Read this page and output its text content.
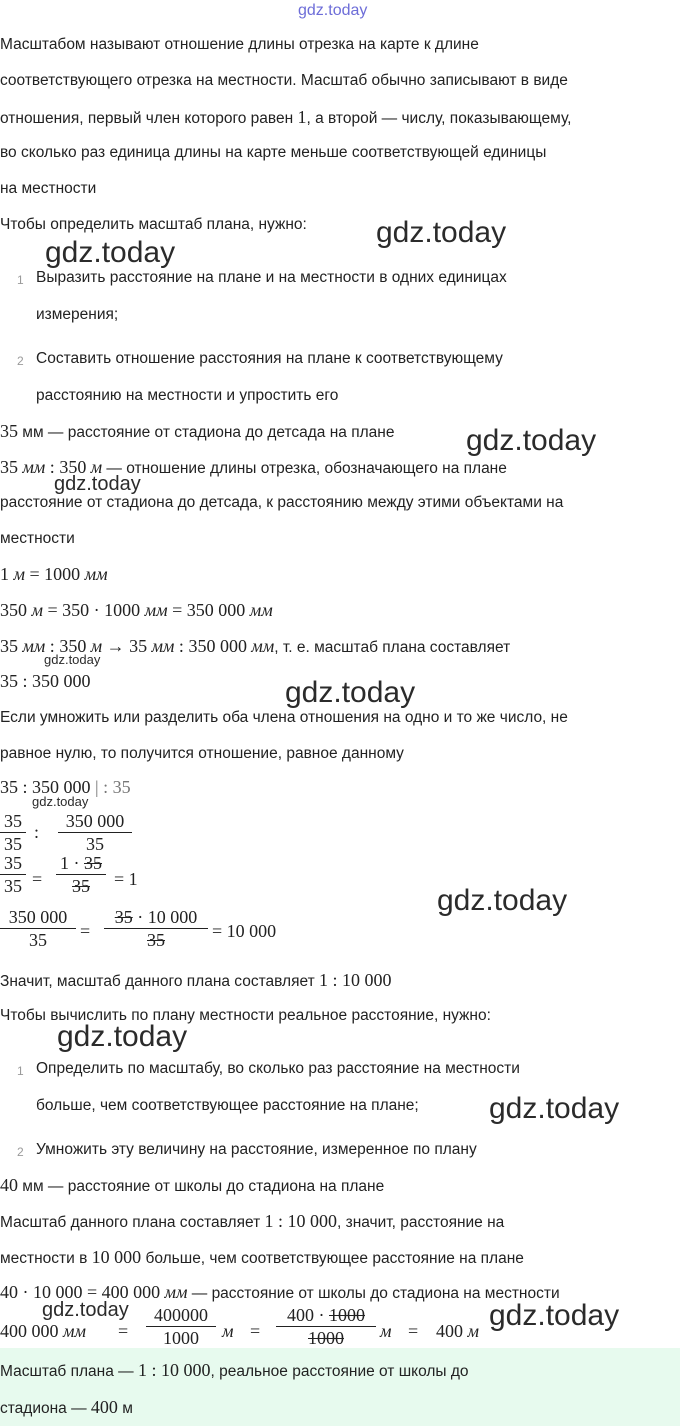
gdz.today
gdz.today
gdz.today
gdz.today
gdz.today
gdz.today
gdz.today
gdz.today
gdz.today
gdz.today
gdz.today
gdz.today	gdz.today
Масштабом называют отношение длины отрезка на карте к длине
соответствующего отрезка на местности. Масштаб обычно записывают в виде
отношения, первый член которого равен 1, а второй — числу, показывающему,
во сколько раз единица длины на карте меньше соответствующей единицы
на местности
Чтобы определить масштаб плана, нужно:
1 Выразить расстояние на плане и на местности в одних единицах
измерения;
2 Составить отношение расстояния на плане к соответствующему
расстоянию на местности и упростить его
35 мм — расстояние от стадиона до детсада на плане
35 мм : 350 м — отношение длины отрезка, обозначающего на плане
расстояние от стадиона до детсада, к расстоянию между этими объектами на
местности
1 м = 1000 мм
350 м = 350 · 1000 мм = 350 000 мм
35 мм : 350 м → 35 мм : 350 000 мм, т. е. масштаб плана составляет
35 : 350 000
Если умножить или разделить оба члена отношения на одно и то же число, не
равное нулю, то получится отношение, равное данному
35 : 350 000 | : 35
35
35
:
350 000
35
35
35 =
1 · 35
35	= 1
350 000
35	=
35 · 10 000
35	= 10 000
Значит, масштаб данного плана составляет 1 : 10 000
Чтобы вычислить по плану местности реальное расстояние, нужно:
1 Определить по масштабу, во сколько раз расстояние на местности
больше, чем соответствующее расстояние на плане;
2 Умножить эту величину на расстояние, измеренное по плану
40 мм — расстояние от школы до стадиона на плане
Масштаб данного плана составляет 1 : 10 000, значит, расстояние на
местности в 10 000 больше, чем соответствующее расстояние на плане
40 · 10 000 = 400 000 мм — расстояние от школы до стадиона на местности
400 000 мм =
400000
1000	м =
400 · 1000
1000	м = 400 м
Масштаб плана — 1 : 10 000, реальное расстояние от школы до
стадиона — 400 м
